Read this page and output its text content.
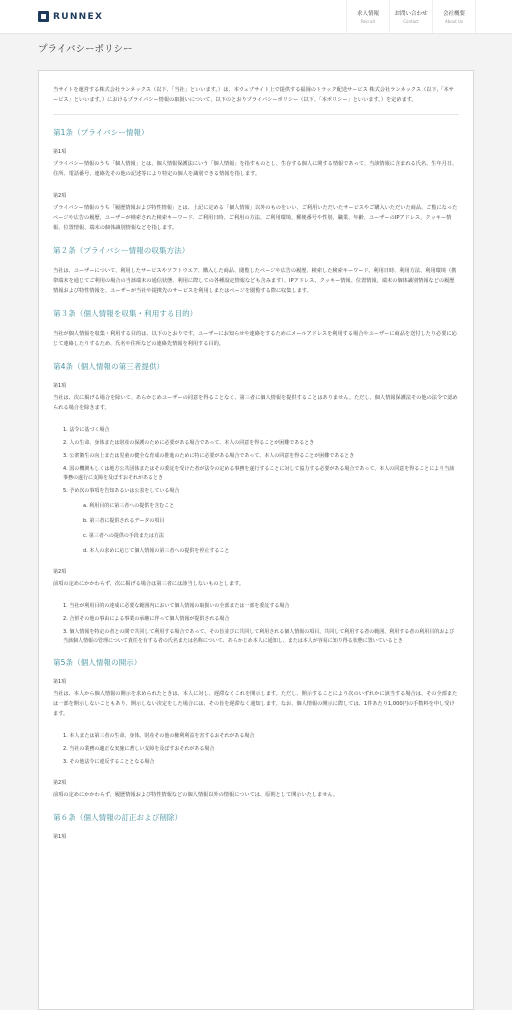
RUNNEX	求人情報
Recruit
お問い合わせ
Contact
会社概要
About Us
プライバシーポリシー

当サイトを運営する株式会社ランネックス（以下、「当社」といいます。）は、本ウェブサイト上で提供する福岡のトラック配送サービス 株式会社ランネックス（以下,「本サービス」といいます。）におけるプライバシー情報の取扱いについて、以下のとおりプライバシーポリシー（以下、「本ポリシー」といいます。）を定めます。

第1条（プライバシー情報）
第1項

プライバシー情報のうち「個人情報」とは、個人情報保護法にいう「個人情報」を指すものとし、生存する個人に関する情報であって、当該情報に含まれる氏名、生年月日、住所、電話番号、連絡先その他の記述等により特定の個人を識別できる情報を指します。

第2項

プライバシー情報のうち「履歴情報および特性情報」とは、上記に定める「個人情報」以外のものをいい、ご利用いただいたサービスやご購入いただいた商品、ご覧になったページや広告の履歴、ユーザーが検索された検索キーワード、ご利用日時、ご利用の方法、ご利用環境、郵便番号や性別、職業、年齢、ユーザーのIPアドレス、クッキー情報、位置情報、端末の個体識別情報などを指します。

第２条（プライバシー情報の収集方法）

当社は、ユーザーについて、利用したサービスやソフトウエア、購入した商品、閲覧したページや広告の履歴、検索した検索キーワード、利用日時、利用方法、利用環境（携帯端末を通じてご利用の場合の当該端末の通信状態、利用に際しての各種設定情報なども含みます）、IPアドレス、クッキー情報、位置情報、端末の個体識別情報などの履歴情報および特性情報を、ユーザーが当社や提携先のサービスを利用しまたはページを閲覧する際に収集します。

第３条（個人情報を収集・利用する目的）

当社が個人情報を収集・利用する目的は、以下のとおりです。ユーザーにお知らせや連絡をするためにメールアドレスを利用する場合やユーザーに商品を送付したり必要に応じて連絡したりするため、氏名や住所などの連絡先情報を利用する目的。

第4条（個人情報の第三者提供）
第1項

当社は、次に掲げる場合を除いて、あらかじめユーザーの同意を得ることなく、第三者に個人情報を提供することはありません。ただし、個人情報保護法その他の法令で認められる場合を除きます。

1. 法令に基づく場合
2. 人の生命、身体または財産の保護のために必要がある場合であって、本人の同意を得ることが困難であるとき
3. 公衆衛生の向上または児童の健全な育成の推進のために特に必要がある場合であって、本人の同意を得ることが困難であるとき
4. 国の機関もしくは地方公共団体またはその委託を受けた者が法令の定める事務を遂行することに対して協力する必要がある場合であって、本人の同意を得ることにより当該事務の遂行に支障を及ぼすおそれがあるとき
5. 予め次の事項を告知あるいは公表をしている場合
a. 利用目的に第三者への提供を含むこと
b. 第三者に提供されるデータの項目
c. 第三者への提供の手段または方法
d. 本人の求めに応じて個人情報の第三者への提供を停止すること
第2項

前項の定めにかかわらず、次に掲げる場合は第三者には該当しないものとします。

1. 当社が利用目的の達成に必要な範囲内において個人情報の取扱いの全部または一部を委託する場合
2. 合併その他の事由による事業の承継に伴って個人情報が提供される場合
3. 個人情報を特定の者との間で共同して利用する場合であって、その旨並びに共同して利用される個人情報の項目、共同して利用する者の範囲、利用する者の利用目的および当該個人情報の管理について責任を有する者の氏名または名称について、あらかじめ本人に通知し、または本人が容易に知り得る状態に置いているとき
第5条（個人情報の開示）
第1項

当社は、本人から個人情報の開示を求められたときは、本人に対し、遅滞なくこれを開示します。ただし、開示することにより次のいずれかに該当する場合は、その全部または一部を開示しないこともあり、開示しない決定をした場合には、その旨を遅滞なく通知します。なお、個人情報の開示に際しては、1件あたり1,000円の手数料を申し受けます。

1. 本人または第三者の生命、身体、財産その他の権利利益を害するおそれがある場合
2. 当社の業務の適正な実施に著しい支障を及ぼすおそれがある場合
3. その他法令に違反することとなる場合
第2項

前項の定めにかかわらず、履歴情報および特性情報などの個人情報以外の情報については、原則として開示いたしません。

第６条（個人情報の訂正および削除）
第1項
